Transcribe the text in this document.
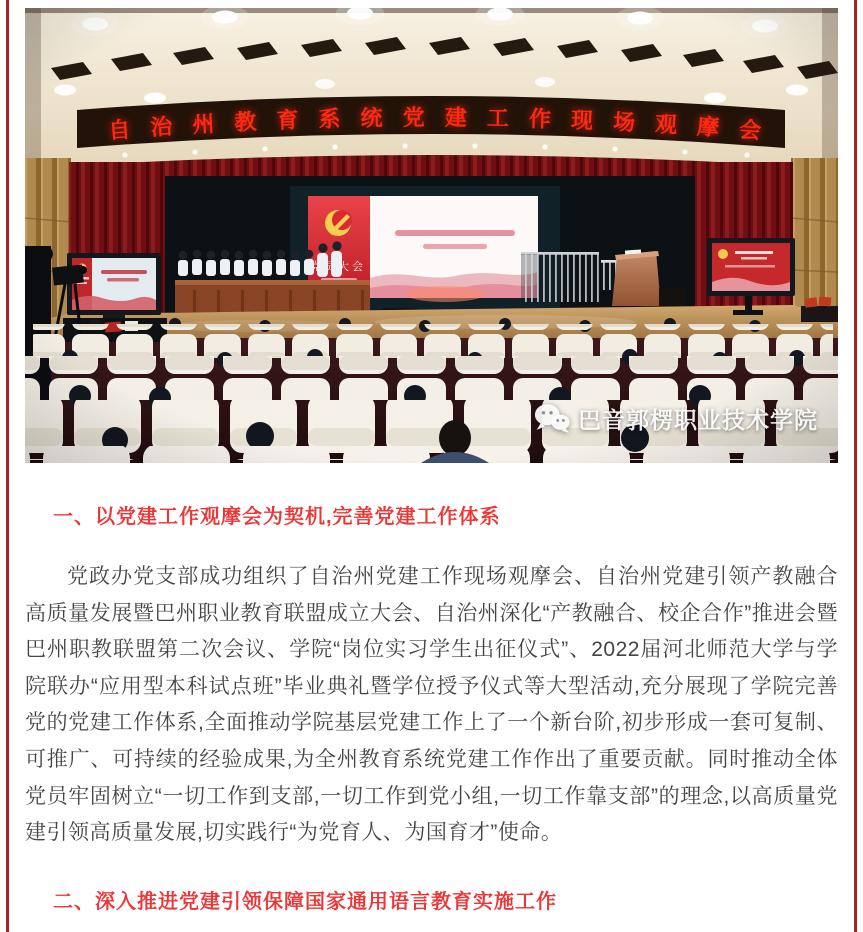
巴音郭楞职业技术学院
一、以党建工作观摩会为契机,完善党建工作体系

党政办党支部成功组织了自治州党建工作现场观摩会、自治州党建引领产教融合高质量发展暨巴州职业教育联盟成立大会、自治州深化“产教融合、校企合作”推进会暨巴州职教联盟第二次会议、学院“岗位实习学生出征仪式”、2022届河北师范大学与学院联办“应用型本科试点班”毕业典礼暨学位授予仪式等大型活动,充分展现了学院完善党的党建工作体系,全面推动学院基层党建工作上了一个新台阶,初步形成一套可复制、可推广、可持续的经验成果,为全州教育系统党建工作作出了重要贡献。同时推动全体党员牢固树立“一切工作到支部,一切工作到党小组,一切工作靠支部”的理念,以高质量党建引领高质量发展,切实践行“为党育人、为国育才”使命。

二、深入推进党建引领保障国家通用语言教育实施工作
